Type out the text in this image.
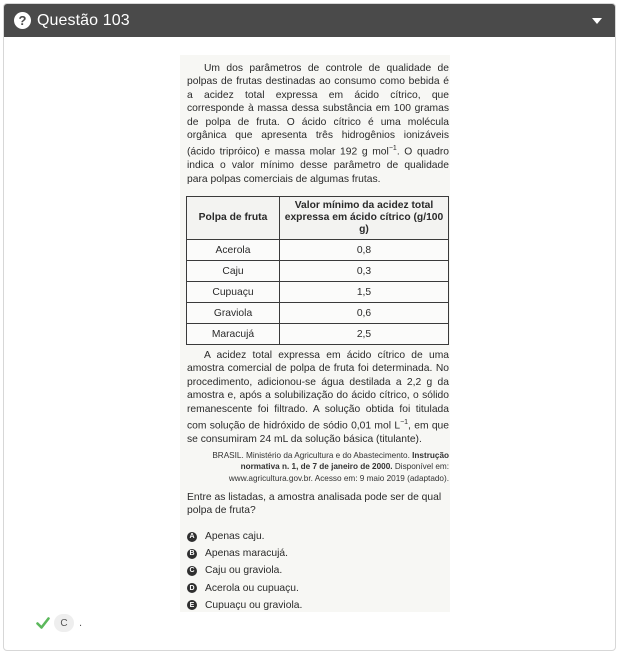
? Questão 103

Um dos parâmetros de controle de qualidade de polpas de frutas destinadas ao consumo como bebida é a acidez total expressa em ácido cítrico, que corresponde à massa dessa substância em 100 gramas de polpa de fruta. O ácido cítrico é uma molécula orgânica que apresenta três hidrogênios ionizáveis (ácido tripróico) e massa molar 192 g mol$^{-1}$. O quadro indica o valor mínimo desse parâmetro de qualidade para polpas comerciais de algumas frutas.

Polpa de fruta	Valor mínimo da acidez total expressa em ácido cítrico (g/100 g)
Acerola	0,8
Caju	0,3
Cupuaçu	1,5
Graviola	0,6
Maracujá	2,5

A acidez total expressa em ácido cítrico de uma amostra comercial de polpa de fruta foi determinada. No procedimento, adicionou-se água destilada a 2,2 g da amostra e, após a solubilização do ácido cítrico, o sólido remanescente foi filtrado. A solução obtida foi titulada com solução de hidróxido de sódio 0,01 mol $L^{-1}$, em que se consumiram 24 mL da solução básica (titulante).

BRASIL. Ministério da Agricultura e do Abastecimento. Instrução normativa n. 1, de 7 de janeiro de 2000. Disponível em: www.agricultura.gov.br. Acesso em: 9 maio 2019 (adaptado).

Entre as listadas, a amostra analisada pode ser de qual polpa de fruta?

A Apenas caju.
B Apenas maracujá.
C Caju ou graviola.
D Acerola ou cupuaçu.
E Cupuaçu ou graviola.
C	.
